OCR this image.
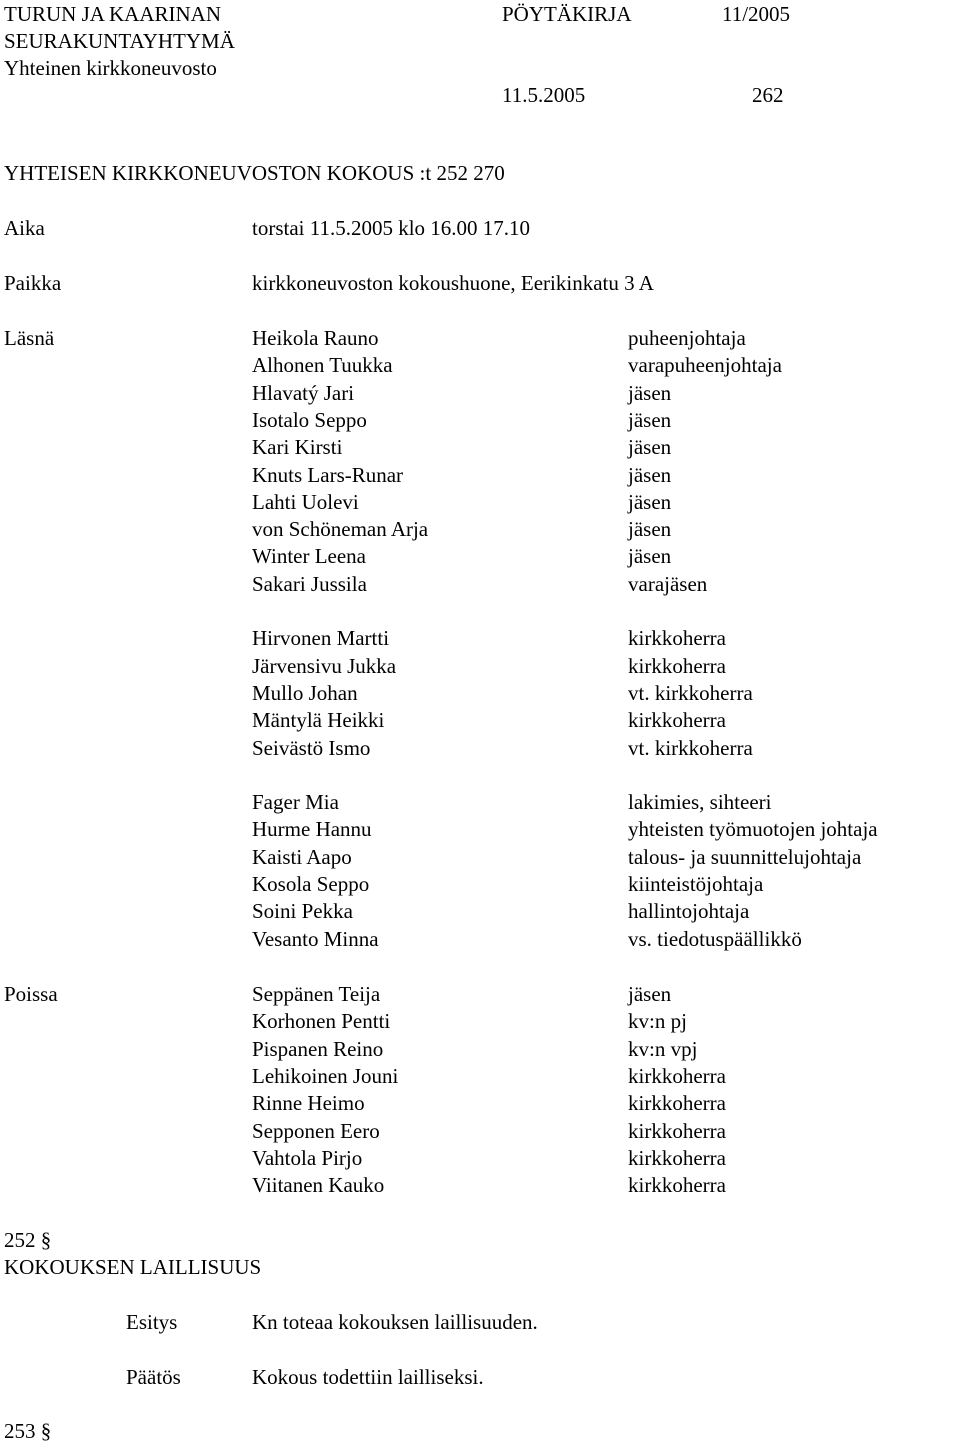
TURUN JA KAARINAN
SEURAKUNTAYHTYMÄ
Yhteinen kirkkoneuvosto
PÖYTÄKIRJA	11/2005
11.5.2005	262
YHTEISEN KIRKKONEUVOSTON KOKOUS :t 252 270
Aika	torstai 11.5.2005 klo 16.00 17.10
Paikka	kirkkoneuvoston kokoushuone, Eerikinkatu 3 A
Läsnä	Heikola Rauno	puheenjohtaja
Alhonen Tuukka	varapuheenjohtaja
Hlavatý Jari	jäsen
Isotalo Seppo	jäsen
Kari Kirsti	jäsen
Knuts Lars-Runar	jäsen
Lahti Uolevi	jäsen
von Schöneman Arja	jäsen
Winter Leena	jäsen
Sakari Jussila	varajäsen
Hirvonen Martti	kirkkoherra
Järvensivu Jukka	kirkkoherra
Mullo Johan	vt. kirkkoherra
Mäntylä Heikki	kirkkoherra
Seivästö Ismo	vt. kirkkoherra
Fager Mia	lakimies, sihteeri
Hurme Hannu	yhteisten työmuotojen johtaja
Kaisti Aapo	talous- ja suunnittelujohtaja
Kosola Seppo	kiinteistöjohtaja
Soini Pekka	hallintojohtaja
Vesanto Minna	vs. tiedotuspäällikkö
Poissa	Seppänen Teija	jäsen
Korhonen Pentti	kv:n pj
Pispanen Reino	kv:n vpj
Lehikoinen Jouni	kirkkoherra
Rinne Heimo	kirkkoherra
Sepponen Eero	kirkkoherra
Vahtola Pirjo	kirkkoherra
Viitanen Kauko	kirkkoherra
252 §
KOKOUKSEN LAILLISUUS
Esitys	Kn toteaa kokouksen laillisuuden.
Päätös	Kokous todettiin lailliseksi.
253 §
